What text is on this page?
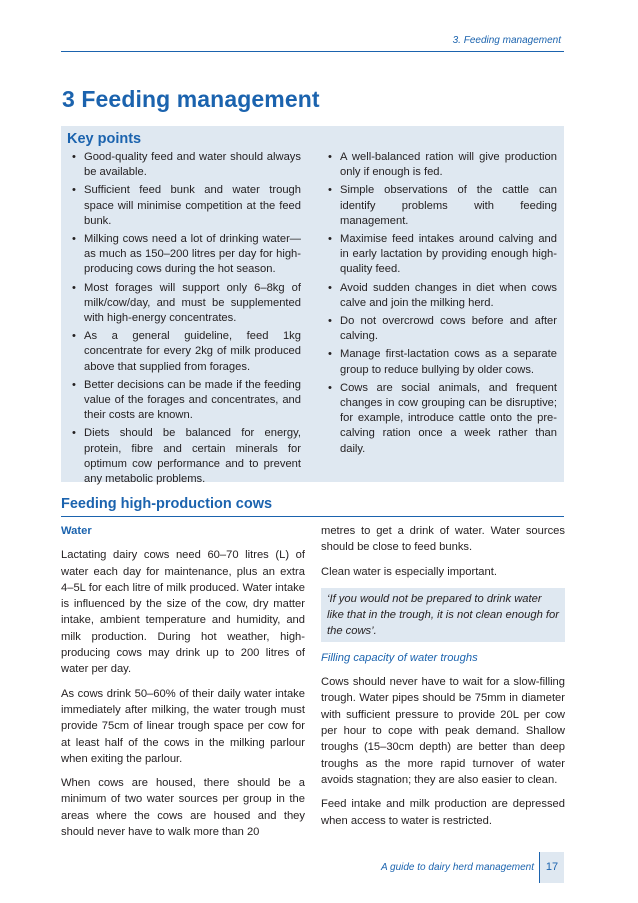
3. Feeding management
3 Feeding management
Key points
• Good-quality feed and water should always be available.
• Sufficient feed bunk and water trough space will minimise competition at the feed bunk.
• Milking cows need a lot of drinking water— as much as 150–200 litres per day for high-producing cows during the hot season.
• Most forages will support only 6–8kg of milk/cow/day, and must be supplemented with high-energy concentrates.
• As a general guideline, feed 1kg concentrate for every 2kg of milk produced above that supplied from forages.
• Better decisions can be made if the feeding value of the forages and concentrates, and their costs are known.
• Diets should be balanced for energy, protein, fibre and certain minerals for optimum cow performance and to prevent any metabolic problems.
• A well-balanced ration will give production only if enough is fed.
• Simple observations of the cattle can identify problems with feeding management.
• Maximise feed intakes around calving and in early lactation by providing enough high-quality feed.
• Avoid sudden changes in diet when cows calve and join the milking herd.
• Do not overcrowd cows before and after calving.
• Manage first-lactation cows as a separate group to reduce bullying by older cows.
• Cows are social animals, and frequent changes in cow grouping can be disruptive; for example, introduce cattle onto the pre-calving ration once a week rather than daily.
Feeding high-production cows
Water

Lactating dairy cows need 60–70 litres (L) of water each day for maintenance, plus an extra 4–5L for each litre of milk produced. Water intake is influenced by the size of the cow, dry matter intake, ambient temperature and humidity, and milk production. During hot weather, high-producing cows may drink up to 200 litres of water per day.

As cows drink 50–60% of their daily water intake immediately after milking, the water trough must provide 75cm of linear trough space per cow for at least half of the cows in the milking parlour when exiting the parlour.

When cows are housed, there should be a minimum of two water sources per group in the areas where the cows are housed and they should never have to walk more than 20

metres to get a drink of water. Water sources should be close to feed bunks.

Clean water is especially important.

‘If you would not be prepared to drink water like that in the trough, it is not clean enough for the cows’.
Filling capacity of water troughs

Cows should never have to wait for a slow-filling trough. Water pipes should be 75mm in diameter with sufficient pressure to provide 20L per cow per hour to cope with peak demand. Shallow troughs (15–30cm depth) are better than deep troughs as the more rapid turnover of water avoids stagnation; they are also easier to clean.

Feed intake and milk production are depressed when access to water is restricted.

A guide to dairy herd management	17
